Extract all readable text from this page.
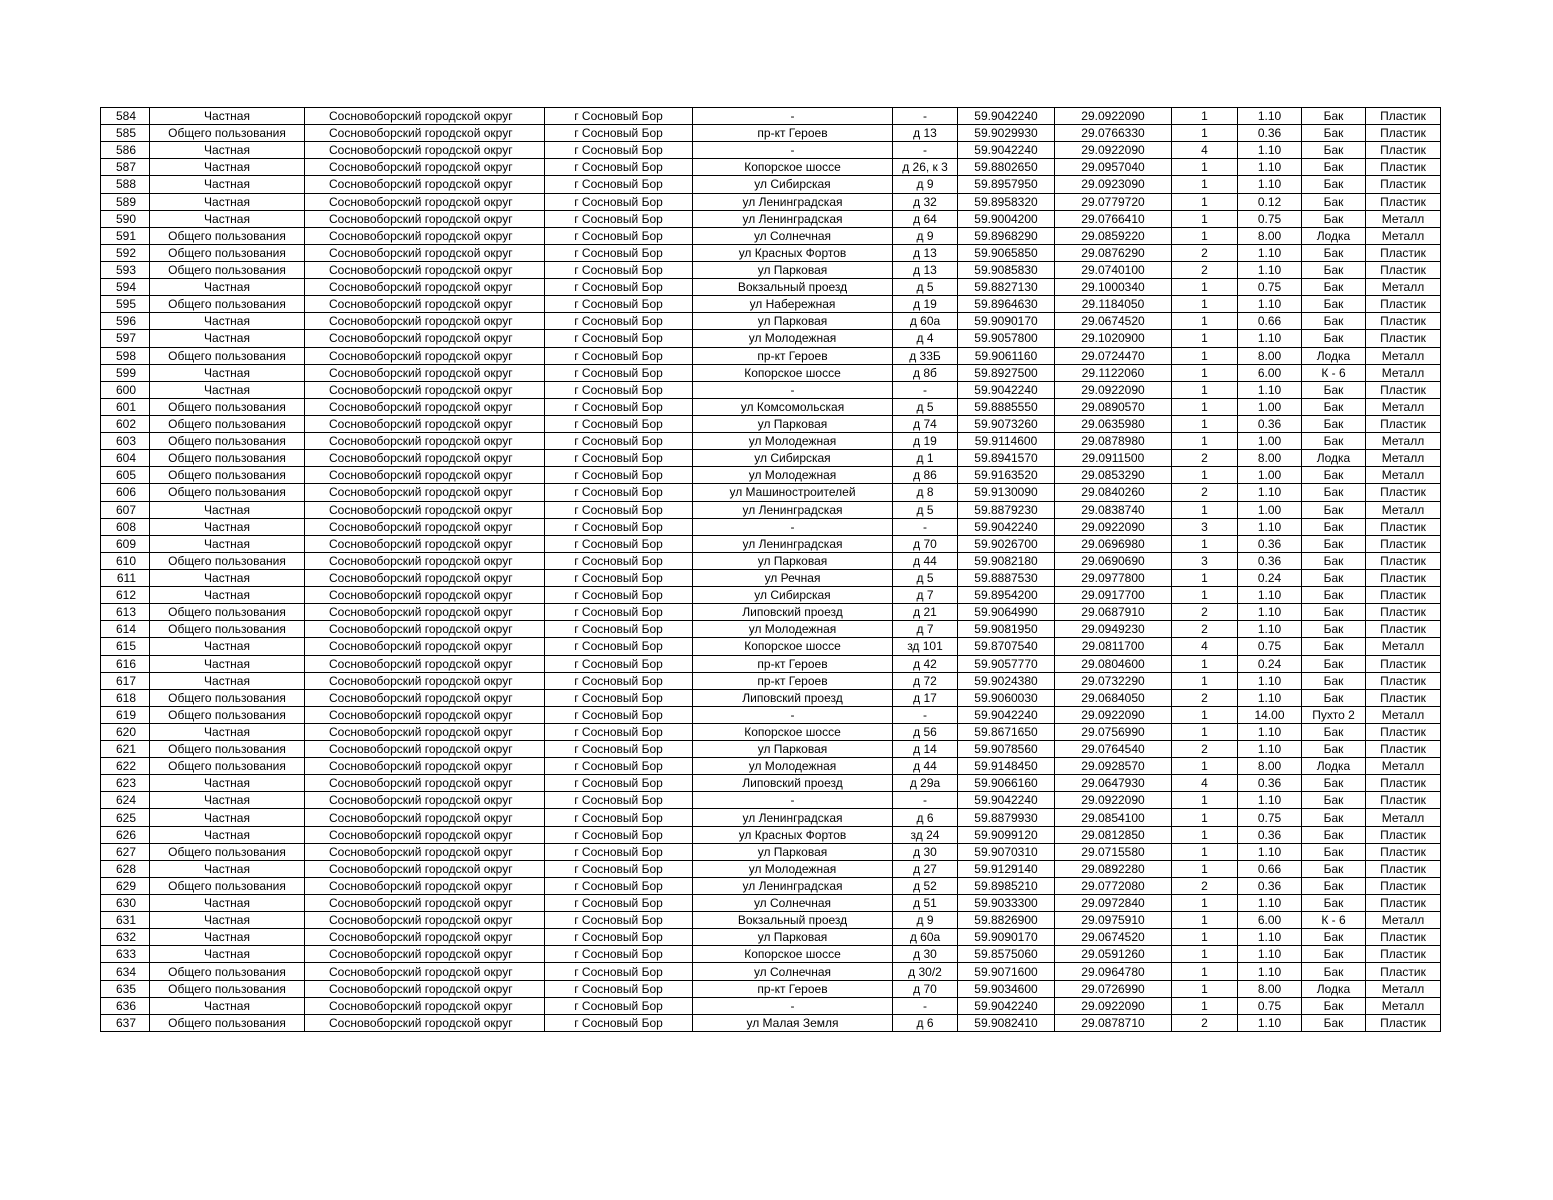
584	Частная	Сосновоборский городской округ	г Сосновый Бор	-	-	59.9042240	29.0922090	1	1.10	Бак	Пластик
585	Общего пользования	Сосновоборский городской округ	г Сосновый Бор	пр-кт Героев	д 13	59.9029930	29.0766330	1	0.36	Бак	Пластик
586	Частная	Сосновоборский городской округ	г Сосновый Бор	-	-	59.9042240	29.0922090	4	1.10	Бак	Пластик
587	Частная	Сосновоборский городской округ	г Сосновый Бор	Копорское шоссе	д 26, к 3	59.8802650	29.0957040	1	1.10	Бак	Пластик
588	Частная	Сосновоборский городской округ	г Сосновый Бор	ул Сибирская	д 9	59.8957950	29.0923090	1	1.10	Бак	Пластик
589	Частная	Сосновоборский городской округ	г Сосновый Бор	ул Ленинградская	д 32	59.8958320	29.0779720	1	0.12	Бак	Пластик
590	Частная	Сосновоборский городской округ	г Сосновый Бор	ул Ленинградская	д 64	59.9004200	29.0766410	1	0.75	Бак	Металл
591	Общего пользования	Сосновоборский городской округ	г Сосновый Бор	ул Солнечная	д 9	59.8968290	29.0859220	1	8.00	Лодка	Металл
592	Общего пользования	Сосновоборский городской округ	г Сосновый Бор	ул Красных Фортов	д 13	59.9065850	29.0876290	2	1.10	Бак	Пластик
593	Общего пользования	Сосновоборский городской округ	г Сосновый Бор	ул Парковая	д 13	59.9085830	29.0740100	2	1.10	Бак	Пластик
594	Частная	Сосновоборский городской округ	г Сосновый Бор	Вокзальный проезд	д 5	59.8827130	29.1000340	1	0.75	Бак	Металл
595	Общего пользования	Сосновоборский городской округ	г Сосновый Бор	ул Набережная	д 19	59.8964630	29.1184050	1	1.10	Бак	Пластик
596	Частная	Сосновоборский городской округ	г Сосновый Бор	ул Парковая	д 60а	59.9090170	29.0674520	1	0.66	Бак	Пластик
597	Частная	Сосновоборский городской округ	г Сосновый Бор	ул Молодежная	д 4	59.9057800	29.1020900	1	1.10	Бак	Пластик
598	Общего пользования	Сосновоборский городской округ	г Сосновый Бор	пр-кт Героев	д 33Б	59.9061160	29.0724470	1	8.00	Лодка	Металл
599	Частная	Сосновоборский городской округ	г Сосновый Бор	Копорское шоссе	д 8б	59.8927500	29.1122060	1	6.00	К - 6	Металл
600	Частная	Сосновоборский городской округ	г Сосновый Бор	-	-	59.9042240	29.0922090	1	1.10	Бак	Пластик
601	Общего пользования	Сосновоборский городской округ	г Сосновый Бор	ул Комсомольская	д 5	59.8885550	29.0890570	1	1.00	Бак	Металл
602	Общего пользования	Сосновоборский городской округ	г Сосновый Бор	ул Парковая	д 74	59.9073260	29.0635980	1	0.36	Бак	Пластик
603	Общего пользования	Сосновоборский городской округ	г Сосновый Бор	ул Молодежная	д 19	59.9114600	29.0878980	1	1.00	Бак	Металл
604	Общего пользования	Сосновоборский городской округ	г Сосновый Бор	ул Сибирская	д 1	59.8941570	29.0911500	2	8.00	Лодка	Металл
605	Общего пользования	Сосновоборский городской округ	г Сосновый Бор	ул Молодежная	д 86	59.9163520	29.0853290	1	1.00	Бак	Металл
606	Общего пользования	Сосновоборский городской округ	г Сосновый Бор	ул Машиностроителей	д 8	59.9130090	29.0840260	2	1.10	Бак	Пластик
607	Частная	Сосновоборский городской округ	г Сосновый Бор	ул Ленинградская	д 5	59.8879230	29.0838740	1	1.00	Бак	Металл
608	Частная	Сосновоборский городской округ	г Сосновый Бор	-	-	59.9042240	29.0922090	3	1.10	Бак	Пластик
609	Частная	Сосновоборский городской округ	г Сосновый Бор	ул Ленинградская	д 70	59.9026700	29.0696980	1	0.36	Бак	Пластик
610	Общего пользования	Сосновоборский городской округ	г Сосновый Бор	ул Парковая	д 44	59.9082180	29.0690690	3	0.36	Бак	Пластик
611	Частная	Сосновоборский городской округ	г Сосновый Бор	ул Речная	д 5	59.8887530	29.0977800	1	0.24	Бак	Пластик
612	Частная	Сосновоборский городской округ	г Сосновый Бор	ул Сибирская	д 7	59.8954200	29.0917700	1	1.10	Бак	Пластик
613	Общего пользования	Сосновоборский городской округ	г Сосновый Бор	Липовский проезд	д 21	59.9064990	29.0687910	2	1.10	Бак	Пластик
614	Общего пользования	Сосновоборский городской округ	г Сосновый Бор	ул Молодежная	д 7	59.9081950	29.0949230	2	1.10	Бак	Пластик
615	Частная	Сосновоборский городской округ	г Сосновый Бор	Копорское шоссе	зд 101	59.8707540	29.0811700	4	0.75	Бак	Металл
616	Частная	Сосновоборский городской округ	г Сосновый Бор	пр-кт Героев	д 42	59.9057770	29.0804600	1	0.24	Бак	Пластик
617	Частная	Сосновоборский городской округ	г Сосновый Бор	пр-кт Героев	д 72	59.9024380	29.0732290	1	1.10	Бак	Пластик
618	Общего пользования	Сосновоборский городской округ	г Сосновый Бор	Липовский проезд	д 17	59.9060030	29.0684050	2	1.10	Бак	Пластик
619	Общего пользования	Сосновоборский городской округ	г Сосновый Бор	-	-	59.9042240	29.0922090	1	14.00	Пухто 2	Металл
620	Частная	Сосновоборский городской округ	г Сосновый Бор	Копорское шоссе	д 56	59.8671650	29.0756990	1	1.10	Бак	Пластик
621	Общего пользования	Сосновоборский городской округ	г Сосновый Бор	ул Парковая	д 14	59.9078560	29.0764540	2	1.10	Бак	Пластик
622	Общего пользования	Сосновоборский городской округ	г Сосновый Бор	ул Молодежная	д 44	59.9148450	29.0928570	1	8.00	Лодка	Металл
623	Частная	Сосновоборский городской округ	г Сосновый Бор	Липовский проезд	д 29а	59.9066160	29.0647930	4	0.36	Бак	Пластик
624	Частная	Сосновоборский городской округ	г Сосновый Бор	-	-	59.9042240	29.0922090	1	1.10	Бак	Пластик
625	Частная	Сосновоборский городской округ	г Сосновый Бор	ул Ленинградская	д 6	59.8879930	29.0854100	1	0.75	Бак	Металл
626	Частная	Сосновоборский городской округ	г Сосновый Бор	ул Красных Фортов	зд 24	59.9099120	29.0812850	1	0.36	Бак	Пластик
627	Общего пользования	Сосновоборский городской округ	г Сосновый Бор	ул Парковая	д 30	59.9070310	29.0715580	1	1.10	Бак	Пластик
628	Частная	Сосновоборский городской округ	г Сосновый Бор	ул Молодежная	д 27	59.9129140	29.0892280	1	0.66	Бак	Пластик
629	Общего пользования	Сосновоборский городской округ	г Сосновый Бор	ул Ленинградская	д 52	59.8985210	29.0772080	2	0.36	Бак	Пластик
630	Частная	Сосновоборский городской округ	г Сосновый Бор	ул Солнечная	д 51	59.9033300	29.0972840	1	1.10	Бак	Пластик
631	Частная	Сосновоборский городской округ	г Сосновый Бор	Вокзальный проезд	д 9	59.8826900	29.0975910	1	6.00	К - 6	Металл
632	Частная	Сосновоборский городской округ	г Сосновый Бор	ул Парковая	д 60а	59.9090170	29.0674520	1	1.10	Бак	Пластик
633	Частная	Сосновоборский городской округ	г Сосновый Бор	Копорское шоссе	д 30	59.8575060	29.0591260	1	1.10	Бак	Пластик
634	Общего пользования	Сосновоборский городской округ	г Сосновый Бор	ул Солнечная	д 30/2	59.9071600	29.0964780	1	1.10	Бак	Пластик
635	Общего пользования	Сосновоборский городской округ	г Сосновый Бор	пр-кт Героев	д 70	59.9034600	29.0726990	1	8.00	Лодка	Металл
636	Частная	Сосновоборский городской округ	г Сосновый Бор	-	-	59.9042240	29.0922090	1	0.75	Бак	Металл
637	Общего пользования	Сосновоборский городской округ	г Сосновый Бор	ул Малая Земля	д 6	59.9082410	29.0878710	2	1.10	Бак	Пластик
